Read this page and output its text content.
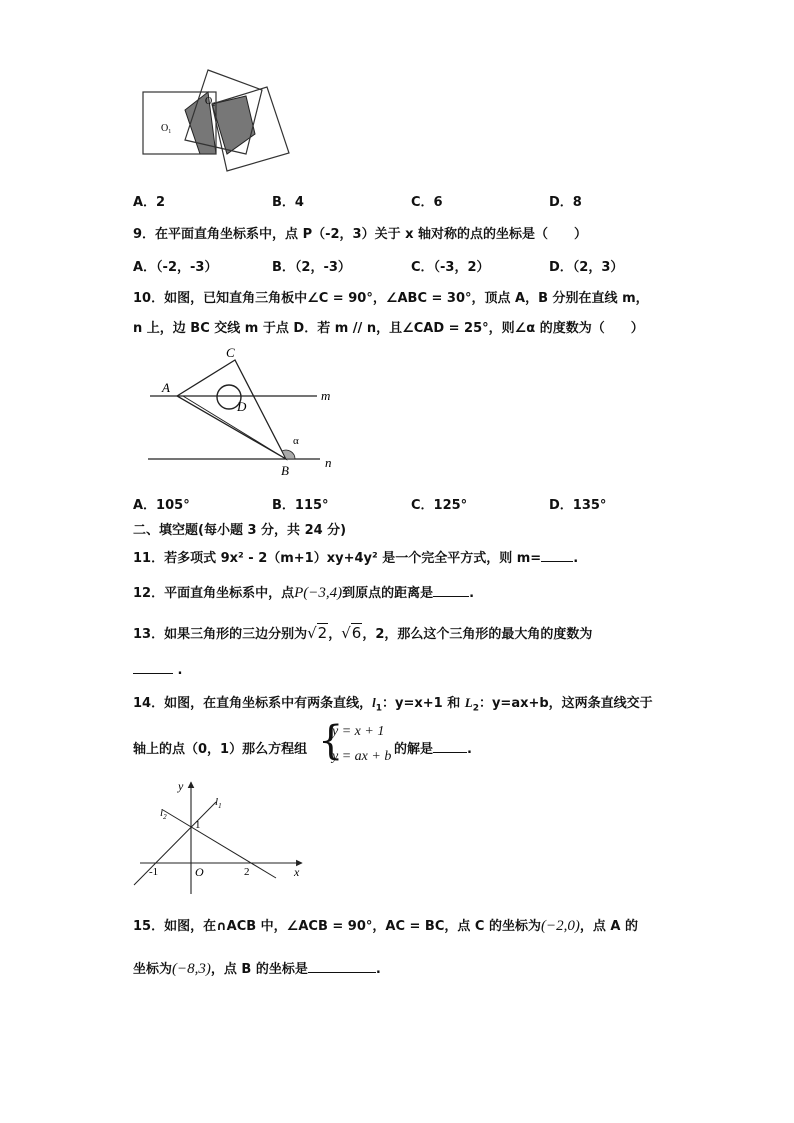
$O_1$
$O_2$
A．2	B．4	C．6	D．8
9．在平面直角坐标系中，点 P（-2，3）关于 x 轴对称的点的坐标是（　　）
A．（-2，-3）	B．（2，-3）	C．（-3，2）	D．（2，3）
10．如图，已知直角三角板中∠C = 90°，∠ABC = 30°，顶点 A，B 分别在直线 m，
n 上，边 BC 交线 m 于点 D．若 m // n，且∠CAD = 25°，则∠α 的度数为（　　）
A
C
D
m
n
α
B
A．105°	B．115°	C．125°	D．135°
二、填空题(每小题 3 分，共 24 分)
11．若多项式 9x² - 2（m+1）xy+4y² 是一个完全平方式，则 m= .
12．平面直角坐标系中，点P(−3,4)到原点的距离是	.
13．如果三角形的三边分别为√2，√6，2，那么这个三角形的最大角的度数为
.
14．如图，在直角坐标系中有两条直线，$l_1$：y=x+1 和 $L_2$：y=ax+b，这两条直线交于
轴上的点（0，1）那么方程组 {
y = x + 1
y = ax + b 的解是	.
y
x
O
1
2
-1
$l_1$
$l_2$
15．如图，在∩ACB 中，∠ACB = 90°，AC = BC，点 C 的坐标为(−2,0)，点 A 的
坐标为(−8,3)，点 B 的坐标是	.
